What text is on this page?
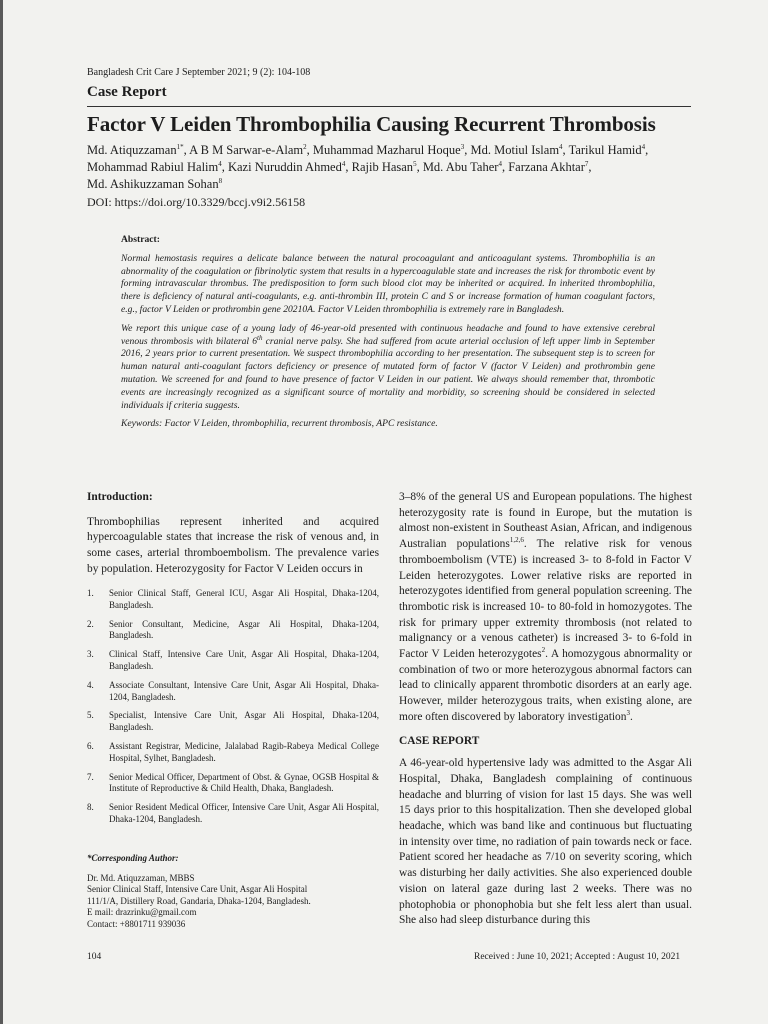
Bangladesh Crit Care J September 2021; 9 (2): 104-108
Case Report
Factor V Leiden Thrombophilia Causing Recurrent Thrombosis
Md. Atiquzzaman$^{1*}$, A B M Sarwar-e-Alam$^2$, Muhammad Mazharul Hoque$^3$, Md. Motiul Islam$^4$, Tarikul Hamid$^4$, Mohammad Rabiul Halim$^4$, Kazi Nuruddin Ahmed$^4$, Rajib Hasan$^5$, Md. Abu Taher$^4$, Farzana Akhtar$^7$, Md. Ashikuzzaman Sohan$^8$
DOI: https://doi.org/10.3329/bccj.v9i2.56158
Abstract:

Normal hemostasis requires a delicate balance between the natural procoagulant and anticoagulant systems. Thrombophilia is an abnormality of the coagulation or fibrinolytic system that results in a hypercoagulable state and increases the risk for thrombotic event by forming intravascular thrombus. The predisposition to form such blood clot may be inherited or acquired. In inherited thrombophilia, there is deficiency of natural anti-coagulants, e.g. anti-thrombin III, protein C and S or increase formation of human coagulant factors, e.g., factor V Leiden or prothrombin gene 20210A. Factor V Leiden thrombophilia is extremely rare in Bangladesh.

We report this unique case of a young lady of 46-year-old presented with continuous headache and found to have extensive cerebral venous thrombosis with bilateral 6th cranial nerve palsy. She had suffered from acute arterial occlusion of left upper limb in September 2016, 2 years prior to current presentation. We suspect thrombophilia according to her presentation. The subsequent step is to screen for human natural anti-coagulant factors deficiency or presence of mutated form of factor V (factor V Leiden) and prothrombin gene mutation. We screened for and found to have presence of factor V Leiden in our patient. We always should remember that, thrombotic events are increasingly recognized as a significant source of mortality and morbidity, so screening should be considered in selected individuals if criteria suggests.

Keywords: Factor V Leiden, thrombophilia, recurrent thrombosis, APC resistance.
Introduction:

Thrombophilias represent inherited and acquired hypercoagulable states that increase the risk of venous and, in some cases, arterial thromboembolism. The prevalence varies by population. Heterozygosity for Factor V Leiden occurs in

1.	Senior Clinical Staff, General ICU, Asgar Ali Hospital, Dhaka-1204, Bangladesh.
2.	Senior Consultant, Medicine, Asgar Ali Hospital, Dhaka-1204, Bangladesh.
3.	Clinical Staff, Intensive Care Unit, Asgar Ali Hospital, Dhaka-1204, Bangladesh.
4.	Associate Consultant, Intensive Care Unit, Asgar Ali Hospital, Dhaka-1204, Bangladesh.
5.	Specialist, Intensive Care Unit, Asgar Ali Hospital, Dhaka-1204, Bangladesh.
6.	Assistant Registrar, Medicine, Jalalabad Ragib-Rabeya Medical College Hospital, Sylhet, Bangladesh.
7.	Senior Medical Officer, Department of Obst. & Gynae, OGSB Hospital & Institute of Reproductive & Child Health, Dhaka, Bangladesh.
8.	Senior Resident Medical Officer, Intensive Care Unit, Asgar Ali Hospital, Dhaka-1204, Bangladesh.
*Corresponding Author:
Dr. Md. Atiquzzaman, MBBS
Senior Clinical Staff, Intensive Care Unit, Asgar Ali Hospital
111/1/A, Distillery Road, Gandaria, Dhaka-1204, Bangladesh.
E mail: drazrinku@gmail.com
Contact: +8801711 939036

3–8% of the general US and European populations. The highest heterozygosity rate is found in Europe, but the mutation is almost non-existent in Southeast Asian, African, and indigenous Australian populations$^{1,2,6}$. The relative risk for venous thromboembolism (VTE) is increased 3- to 8-fold in Factor V Leiden heterozygotes. Lower relative risks are reported in heterozygotes identified from general population screening. The thrombotic risk is increased 10- to 80-fold in homozygotes. The risk for primary upper extremity thrombosis (not related to malignancy or a venous catheter) is increased 3- to 6-fold in Factor V Leiden heterozygotes$^2$. A homozygous abnormality or combination of two or more heterozygous abnormal factors can lead to clinically apparent thrombotic disorders at an early age. However, milder heterozygous traits, when existing alone, are more often discovered by laboratory investigation$^3$.

CASE REPORT

A 46-year-old hypertensive lady was admitted to the Asgar Ali Hospital, Dhaka, Bangladesh complaining of continuous headache and blurring of vision for last 15 days. She was well 15 days prior to this hospitalization. Then she developed global headache, which was band like and continuous but fluctuating in intensity over time, no radiation of pain towards neck or face. Patient scored her headache as 7/10 on severity scoring, which was disturbing her daily activities. She also experienced double vision on lateral gaze during last 2 weeks. There was no photophobia or phonophobia but she felt less alert than usual. She also had sleep disturbance during this

104	Received : June 10, 2021; Accepted : August 10, 2021
